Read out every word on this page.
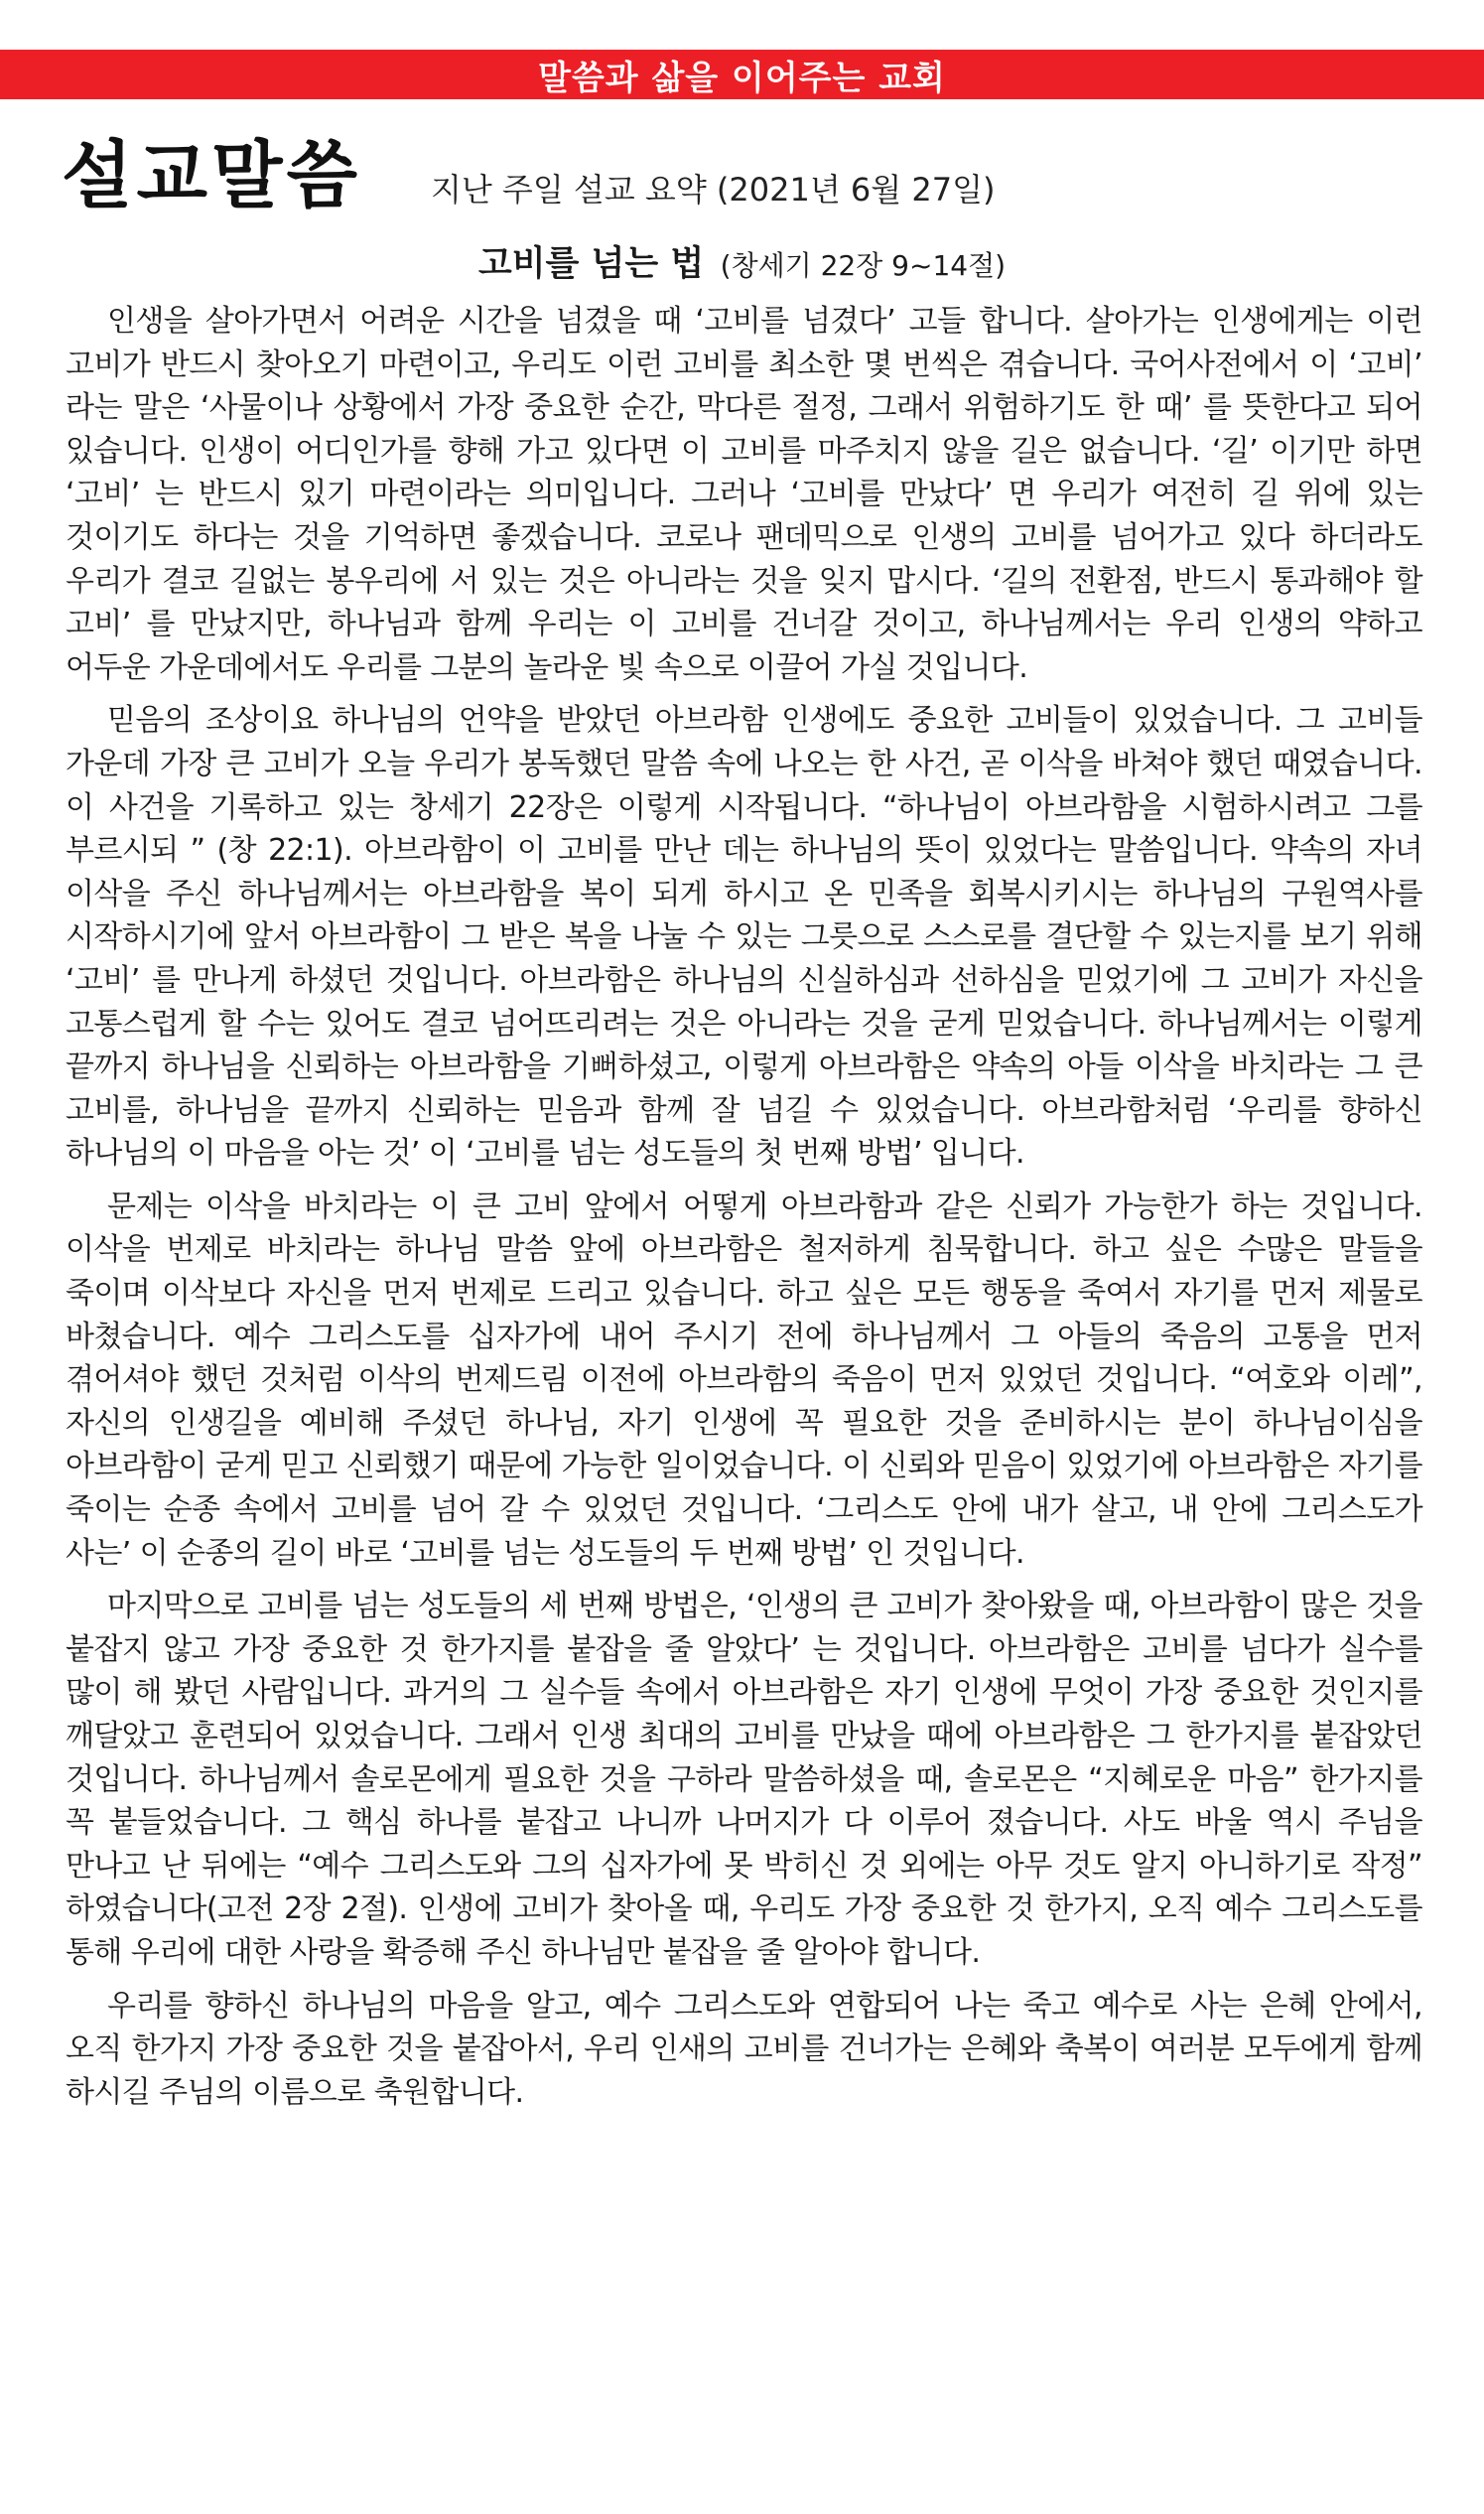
말씀과 삶을 이어주는 교회
설교말씀 지난 주일 설교 요약 (2021년 6월 27일)
고비를 넘는 법 (창세기 22장 9~14절)

인생을 살아가면서 어려운 시간을 넘겼을 때 ‘고비를 넘겼다’ 고들 합니다. 살아가는 인생에게는 이런 고비가 반드시 찾아오기 마련이고, 우리도 이런 고비를 최소한 몇 번씩은 겪습니다. 국어사전에서 이 ‘고비’ 라는 말은 ‘사물이나 상황에서 가장 중요한 순간, 막다른 절정, 그래서 위험하기도 한 때’ 를 뜻한다고 되어 있습니다. 인생이 어디인가를 향해 가고 있다면 이 고비를 마주치지 않을 길은 없습니다. ‘길’ 이기만 하면 ‘고비’ 는 반드시 있기 마련이라는 의미입니다. 그러나 ‘고비를 만났다’ 면 우리가 여전히 길 위에 있는 것이기도 하다는 것을 기억하면 좋겠습니다. 코로나 팬데믹으로 인생의 고비를 넘어가고 있다 하더라도 우리가 결코 길없는 봉우리에 서 있는 것은 아니라는 것을 잊지 맙시다. ‘길의 전환점, 반드시 통과해야 할 고비’ 를 만났지만, 하나님과 함께 우리는 이 고비를 건너갈 것이고, 하나님께서는 우리 인생의 약하고 어두운 가운데에서도 우리를 그분의 놀라운 빛 속으로 이끌어 가실 것입니다.

믿음의 조상이요 하나님의 언약을 받았던 아브라함 인생에도 중요한 고비들이 있었습니다. 그 고비들 가운데 가장 큰 고비가 오늘 우리가 봉독했던 말씀 속에 나오는 한 사건, 곧 이삭을 바쳐야 했던 때였습니다. 이 사건을 기록하고 있는 창세기 22장은 이렇게 시작됩니다. “하나님이 아브라함을 시험하시려고 그를 부르시되 ” (창 22:1). 아브라함이 이 고비를 만난 데는 하나님의 뜻이 있었다는 말씀입니다. 약속의 자녀 이삭을 주신 하나님께서는 아브라함을 복이 되게 하시고 온 민족을 회복시키시는 하나님의 구원역사를 시작하시기에 앞서 아브라함이 그 받은 복을 나눌 수 있는 그릇으로 스스로를 결단할 수 있는지를 보기 위해 ‘고비’ 를 만나게 하셨던 것입니다. 아브라함은 하나님의 신실하심과 선하심을 믿었기에 그 고비가 자신을 고통스럽게 할 수는 있어도 결코 넘어뜨리려는 것은 아니라는 것을 굳게 믿었습니다. 하나님께서는 이렇게 끝까지 하나님을 신뢰하는 아브라함을 기뻐하셨고, 이렇게 아브라함은 약속의 아들 이삭을 바치라는 그 큰 고비를, 하나님을 끝까지 신뢰하는 믿음과 함께 잘 넘길 수 있었습니다. 아브라함처럼 ‘우리를 향하신 하나님의 이 마음을 아는 것’ 이 ‘고비를 넘는 성도들의 첫 번째 방법’ 입니다.

문제는 이삭을 바치라는 이 큰 고비 앞에서 어떻게 아브라함과 같은 신뢰가 가능한가 하는 것입니다. 이삭을 번제로 바치라는 하나님 말씀 앞에 아브라함은 철저하게 침묵합니다. 하고 싶은 수많은 말들을 죽이며 이삭보다 자신을 먼저 번제로 드리고 있습니다. 하고 싶은 모든 행동을 죽여서 자기를 먼저 제물로 바쳤습니다. 예수 그리스도를 십자가에 내어 주시기 전에 하나님께서 그 아들의 죽음의 고통을 먼저 겪어셔야 했던 것처럼 이삭의 번제드림 이전에 아브라함의 죽음이 먼저 있었던 것입니다. “여호와 이레”, 자신의 인생길을 예비해 주셨던 하나님, 자기 인생에 꼭 필요한 것을 준비하시는 분이 하나님이심을 아브라함이 굳게 믿고 신뢰했기 때문에 가능한 일이었습니다. 이 신뢰와 믿음이 있었기에 아브라함은 자기를 죽이는 순종 속에서 고비를 넘어 갈 수 있었던 것입니다. ‘그리스도 안에 내가 살고, 내 안에 그리스도가 사는’ 이 순종의 길이 바로 ‘고비를 넘는 성도들의 두 번째 방법’ 인 것입니다.

마지막으로 고비를 넘는 성도들의 세 번째 방법은, ‘인생의 큰 고비가 찾아왔을 때, 아브라함이 많은 것을 붙잡지 않고 가장 중요한 것 한가지를 붙잡을 줄 알았다’ 는 것입니다. 아브라함은 고비를 넘다가 실수를 많이 해 봤던 사람입니다. 과거의 그 실수들 속에서 아브라함은 자기 인생에 무엇이 가장 중요한 것인지를 깨달았고 훈련되어 있었습니다. 그래서 인생 최대의 고비를 만났을 때에 아브라함은 그 한가지를 붙잡았던 것입니다. 하나님께서 솔로몬에게 필요한 것을 구하라 말씀하셨을 때, 솔로몬은 “지혜로운 마음” 한가지를 꼭 붙들었습니다. 그 핵심 하나를 붙잡고 나니까 나머지가 다 이루어 졌습니다. 사도 바울 역시 주님을 만나고 난 뒤에는 “예수 그리스도와 그의 십자가에 못 박히신 것 외에는 아무 것도 알지 아니하기로 작정” 하였습니다(고전 2장 2절). 인생에 고비가 찾아올 때, 우리도 가장 중요한 것 한가지, 오직 예수 그리스도를 통해 우리에 대한 사랑을 확증해 주신 하나님만 붙잡을 줄 알아야 합니다.

우리를 향하신 하나님의 마음을 알고, 예수 그리스도와 연합되어 나는 죽고 예수로 사는 은혜 안에서, 오직 한가지 가장 중요한 것을 붙잡아서, 우리 인새의 고비를 건너가는 은혜와 축복이 여러분 모두에게 함께 하시길 주님의 이름으로 축원합니다.
